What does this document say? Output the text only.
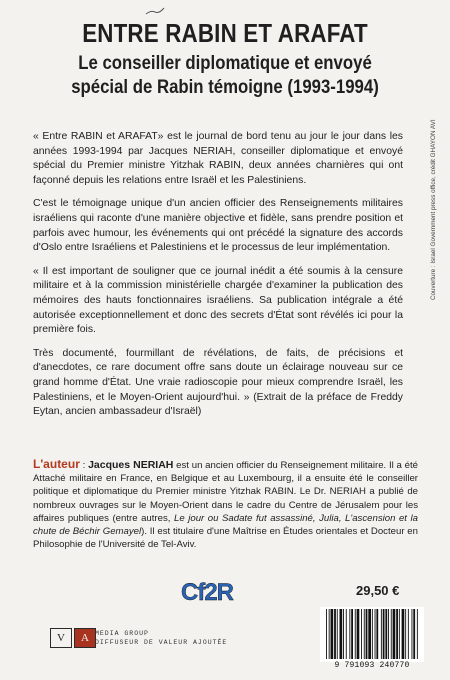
ENTRE RABIN ET ARAFAT
Le conseiller diplomatique et envoyé
spécial de Rabin témoigne (1993-1994)

« Entre RABIN et ARAFAT» est le journal de bord tenu au jour le jour dans les années 1993-1994 par Jacques NERIAH, conseiller diplomatique et envoyé spécial du Premier ministre Yitzhak RABIN, deux années charnières qui ont façonné depuis les relations entre Israël et les Palestiniens.

C'est le témoignage unique d'un ancien officier des Renseignements militaires israéliens qui raconte d'une manière objective et fidèle, sans prendre position et parfois avec humour, les événements qui ont précédé la signature des accords d'Oslo entre Israéliens et Palestiniens et le processus de leur implémentation.

« Il est important de souligner que ce journal inédit a été soumis à la censure militaire et à la commission ministérielle chargée d'examiner la publication des mémoires des hauts fonctionnaires israéliens. Sa publication intégrale a été autorisée exceptionnellement et donc des secrets d'État sont révélés ici pour la première fois.

Très documenté, fourmillant de révélations, de faits, de précisions et d'anecdotes, ce rare document offre sans doute un éclairage nouveau sur ce grand homme d'État. Une vraie radioscopie pour mieux comprendre Israël, les Palestiniens, et le Moyen-Orient aujourd'hui. » (Extrait de la préface de Freddy Eytan, ancien ambassadeur d'Israël)

Couverture : Israel Government press office, crédit GHAYON AVI
L'auteur : Jacques NERIAH est un ancien officier du Renseignement militaire. Il a été Attaché militaire en France, en Belgique et au Luxembourg, il a ensuite été le conseiller politique et diplomatique du Premier ministre Yitzhak RABIN. Le Dr. NERIAH a publié de nombreux ouvrages sur le Moyen-Orient dans le cadre du Centre de Jérusalem pour les affaires publiques (entre autres, Le jour ou Sadate fut assassiné, Julia, L'ascension et la chute de Béchir Gemayel). Il est titulaire d'une Maîtrise en Études orientales et Docteur en Philosophie de l'Université de Tel-Aviv.
Cf2R	29,50 €
V	A MEDIA GROUP
DIFFUSEUR DE VALEUR AJOUTÉE
9 791093 240770
